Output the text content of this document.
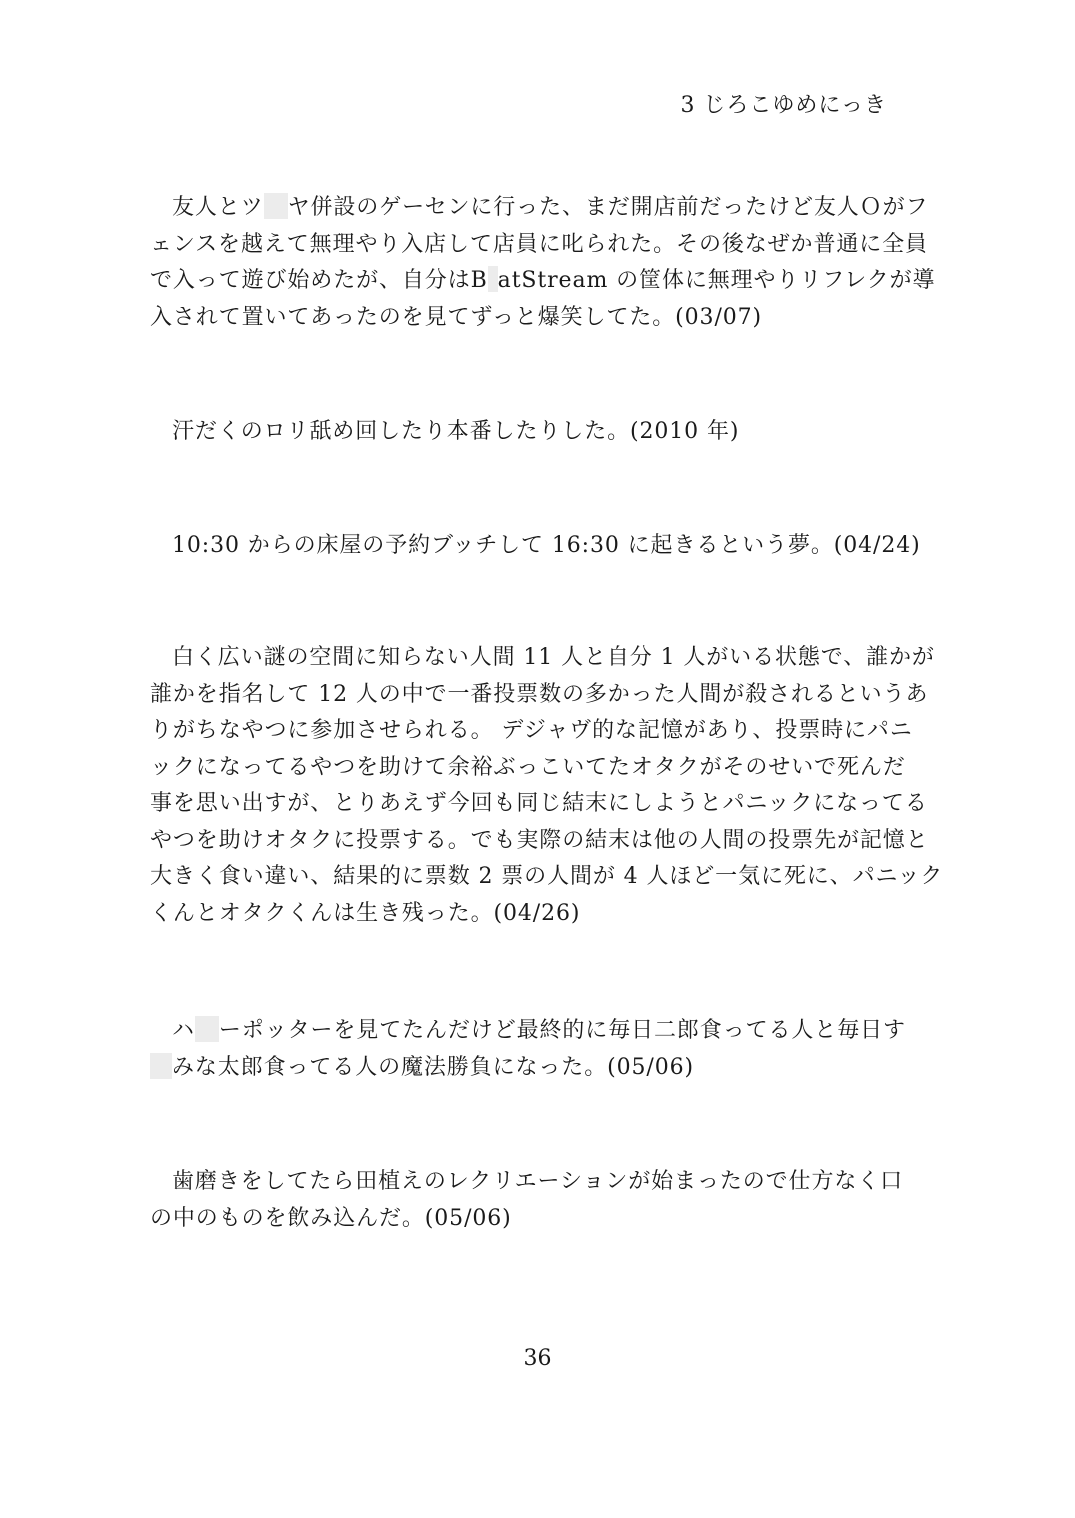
3 じろこゆめにっき
友人とツ ヤ併設のゲーセンに行った、まだ開店前だったけど友人Ｏがフ
ェンスを越えて無理やり入店して店員に叱られた。その後なぜか普通に全員
で入って遊び始めたが、自分はB atStream の筐体に無理やりリフレクが導
入されて置いてあったのを見てずっと爆笑してた。(03/07)
汗だくのロリ舐め回したり本番したりした。(2010 年)
10:30 からの床屋の予約ブッチして 16:30 に起きるという夢。(04/24)
白く広い謎の空間に知らない人間 11 人と自分 1 人がいる状態で、誰かが
誰かを指名して 12 人の中で一番投票数の多かった人間が殺されるというあ
りがちなやつに参加させられる。 デジャヴ的な記憶があり、投票時にパニ
ックになってるやつを助けて余裕ぶっこいてたオタクがそのせいで死んだ
事を思い出すが、とりあえず今回も同じ結末にしようとパニックになってる
やつを助けオタクに投票する。でも実際の結末は他の人間の投票先が記憶と
大きく食い違い、結果的に票数 2 票の人間が 4 人ほど一気に死に、パニック
くんとオタクくんは生き残った。(04/26)
ハ ーポッターを見てたんだけど最終的に毎日二郎食ってる人と毎日す
みな太郎食ってる人の魔法勝負になった。(05/06)
歯磨きをしてたら田植えのレクリエーションが始まったので仕方なく口
の中のものを飲み込んだ。(05/06)
36
